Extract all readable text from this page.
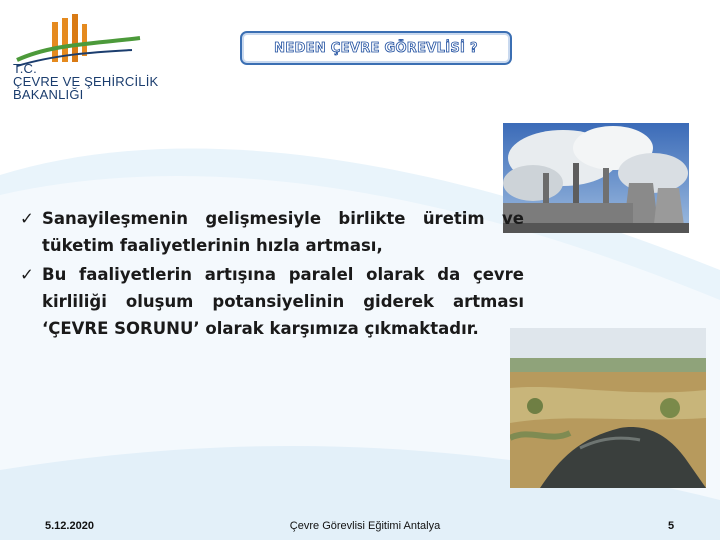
T.C.
ÇEVRE VE ŞEHİRCİLİK
BAKANLIĞI
NEDEN ÇEVRE GÖREVLİSİ ?
✓ Sanayileşmenin gelişmesiyle birlikte üretim ve tüketim faaliyetlerinin hızla artması,
✓ Bu faaliyetlerin artışına paralel olarak da çevre kirliliği oluşum potansiyelinin giderek artması ‘ÇEVRE SORUNU’ olarak karşımıza çıkmaktadır.
5.12.2020	Çevre Görevlisi Eğitimi Antalya	5
